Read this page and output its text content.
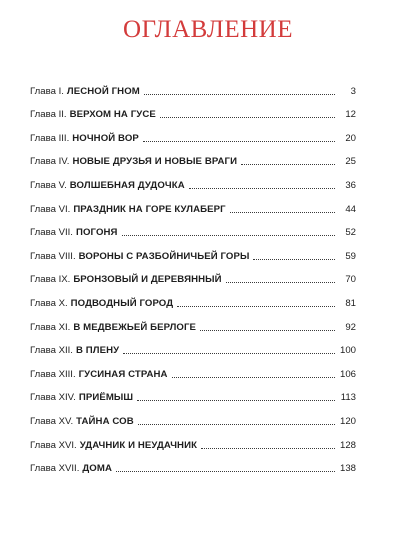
ОГЛАВЛЕНИЕ
Глава I. ЛЕСНОЙ ГНОМ	3
Глава II. ВЕРХОМ НА ГУСЕ	12
Глава III. НОЧНОЙ ВОР	20
Глава IV. НОВЫЕ ДРУЗЬЯ И НОВЫЕ ВРАГИ	25
Глава V. ВОЛШЕБНАЯ ДУДОЧКА	36
Глава VI. ПРАЗДНИК НА ГОРЕ КУЛАБЕРГ	44
Глава VII. ПОГОНЯ	52
Глава VIII. ВОРОНЫ С РАЗБОЙНИЧЬЕЙ ГОРЫ	59
Глава IX. БРОНЗОВЫЙ И ДЕРЕВЯННЫЙ	70
Глава X. ПОДВОДНЫЙ ГОРОД	81
Глава XI. В МЕДВЕЖЬЕЙ БЕРЛОГЕ	92
Глава XII. В ПЛЕНУ	100
Глава XIII. ГУСИНАЯ СТРАНА	106
Глава XIV. ПРИЁМЫШ	113
Глава XV. ТАЙНА СОВ	120
Глава XVI. УДАЧНИК И НЕУДАЧНИК	128
Глава XVII. ДОМА	138
